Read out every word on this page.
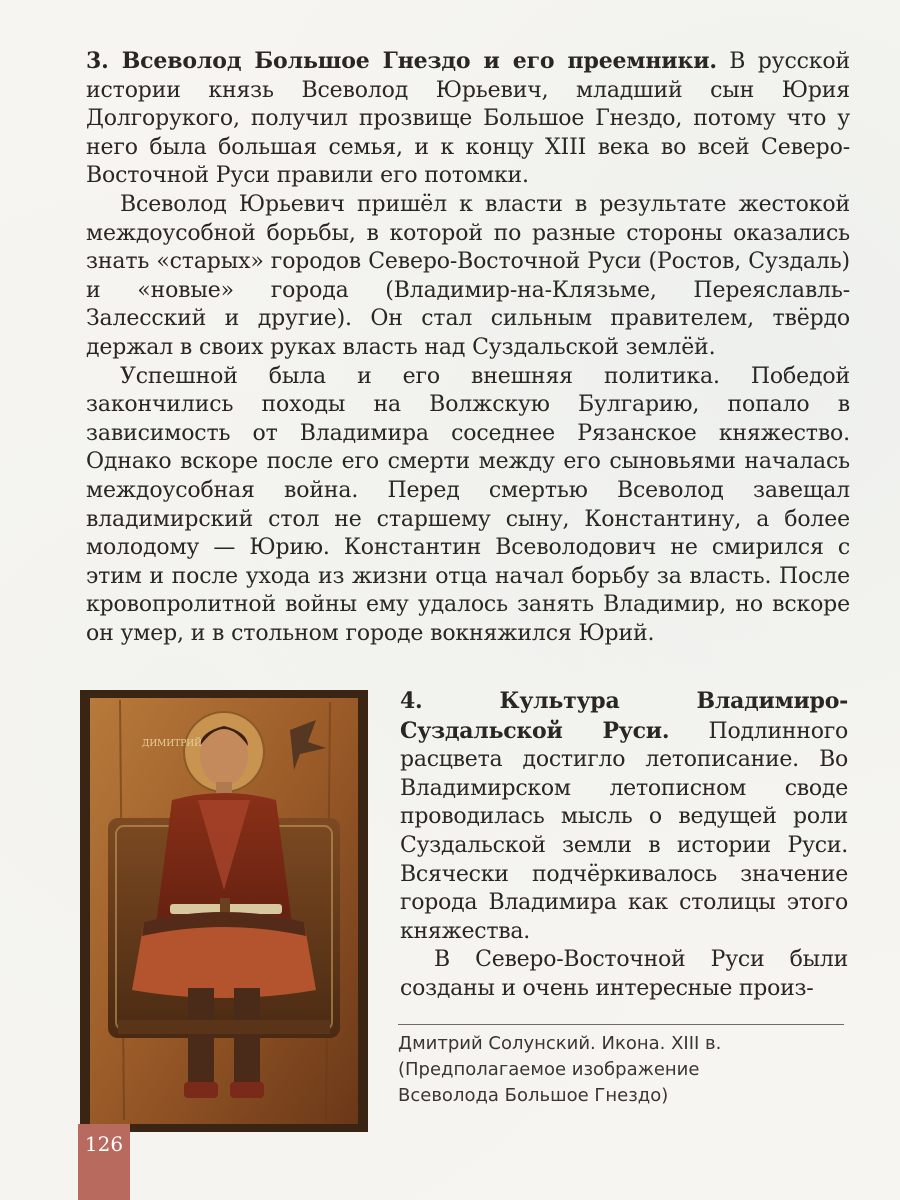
3. Всеволод Большое Гнездо и его преемники. В русской истории князь Всеволод Юрьевич, младший сын Юрия Долгорукого, получил прозвище Большое Гнездо, потому что у него была большая семья, и к концу XIII века во всей Северо-Восточной Руси правили его потомки.

Всеволод Юрьевич пришёл к власти в результате жестокой междоусобной борьбы, в которой по разные стороны оказались знать «старых» городов Северо-Восточной Руси (Ростов, Суздаль) и «новые» города (Владимир-на-Клязьме, Переяславль-Залесский и другие). Он стал сильным правителем, твёрдо держал в своих руках власть над Суздальской землёй.

Успешной была и его внешняя политика. Победой закончились походы на Волжскую Булгарию, попало в зависимость от Владимира соседнее Рязанское княжество. Однако вскоре после его смерти между его сыновьями началась междоусобная война. Перед смертью Всеволод завещал владимирский стол не старшему сыну, Константину, а более молодому — Юрию. Константин Всеволодович не смирился с этим и после ухода из жизни отца начал борьбу за власть. После кровопролитной войны ему удалось занять Владимир, но вскоре он умер, и в стольном городе вокняжился Юрий.

ДИМИТРИЙ

4. Культура Владимиро-Суздальской Руси. Подлинного расцвета достигло летописание. Во Владимирском летописном своде проводилась мысль о ведущей роли Суздальской земли в истории Руси. Всячески подчёркивалось значение города Владимира как столицы этого княжества.

В Северо-Восточной Руси были созданы и очень интересные произ-

Дмитрий Солунский. Икона. XIII в.
(Предполагаемое изображение
Всеволода Большое Гнездо)
126
